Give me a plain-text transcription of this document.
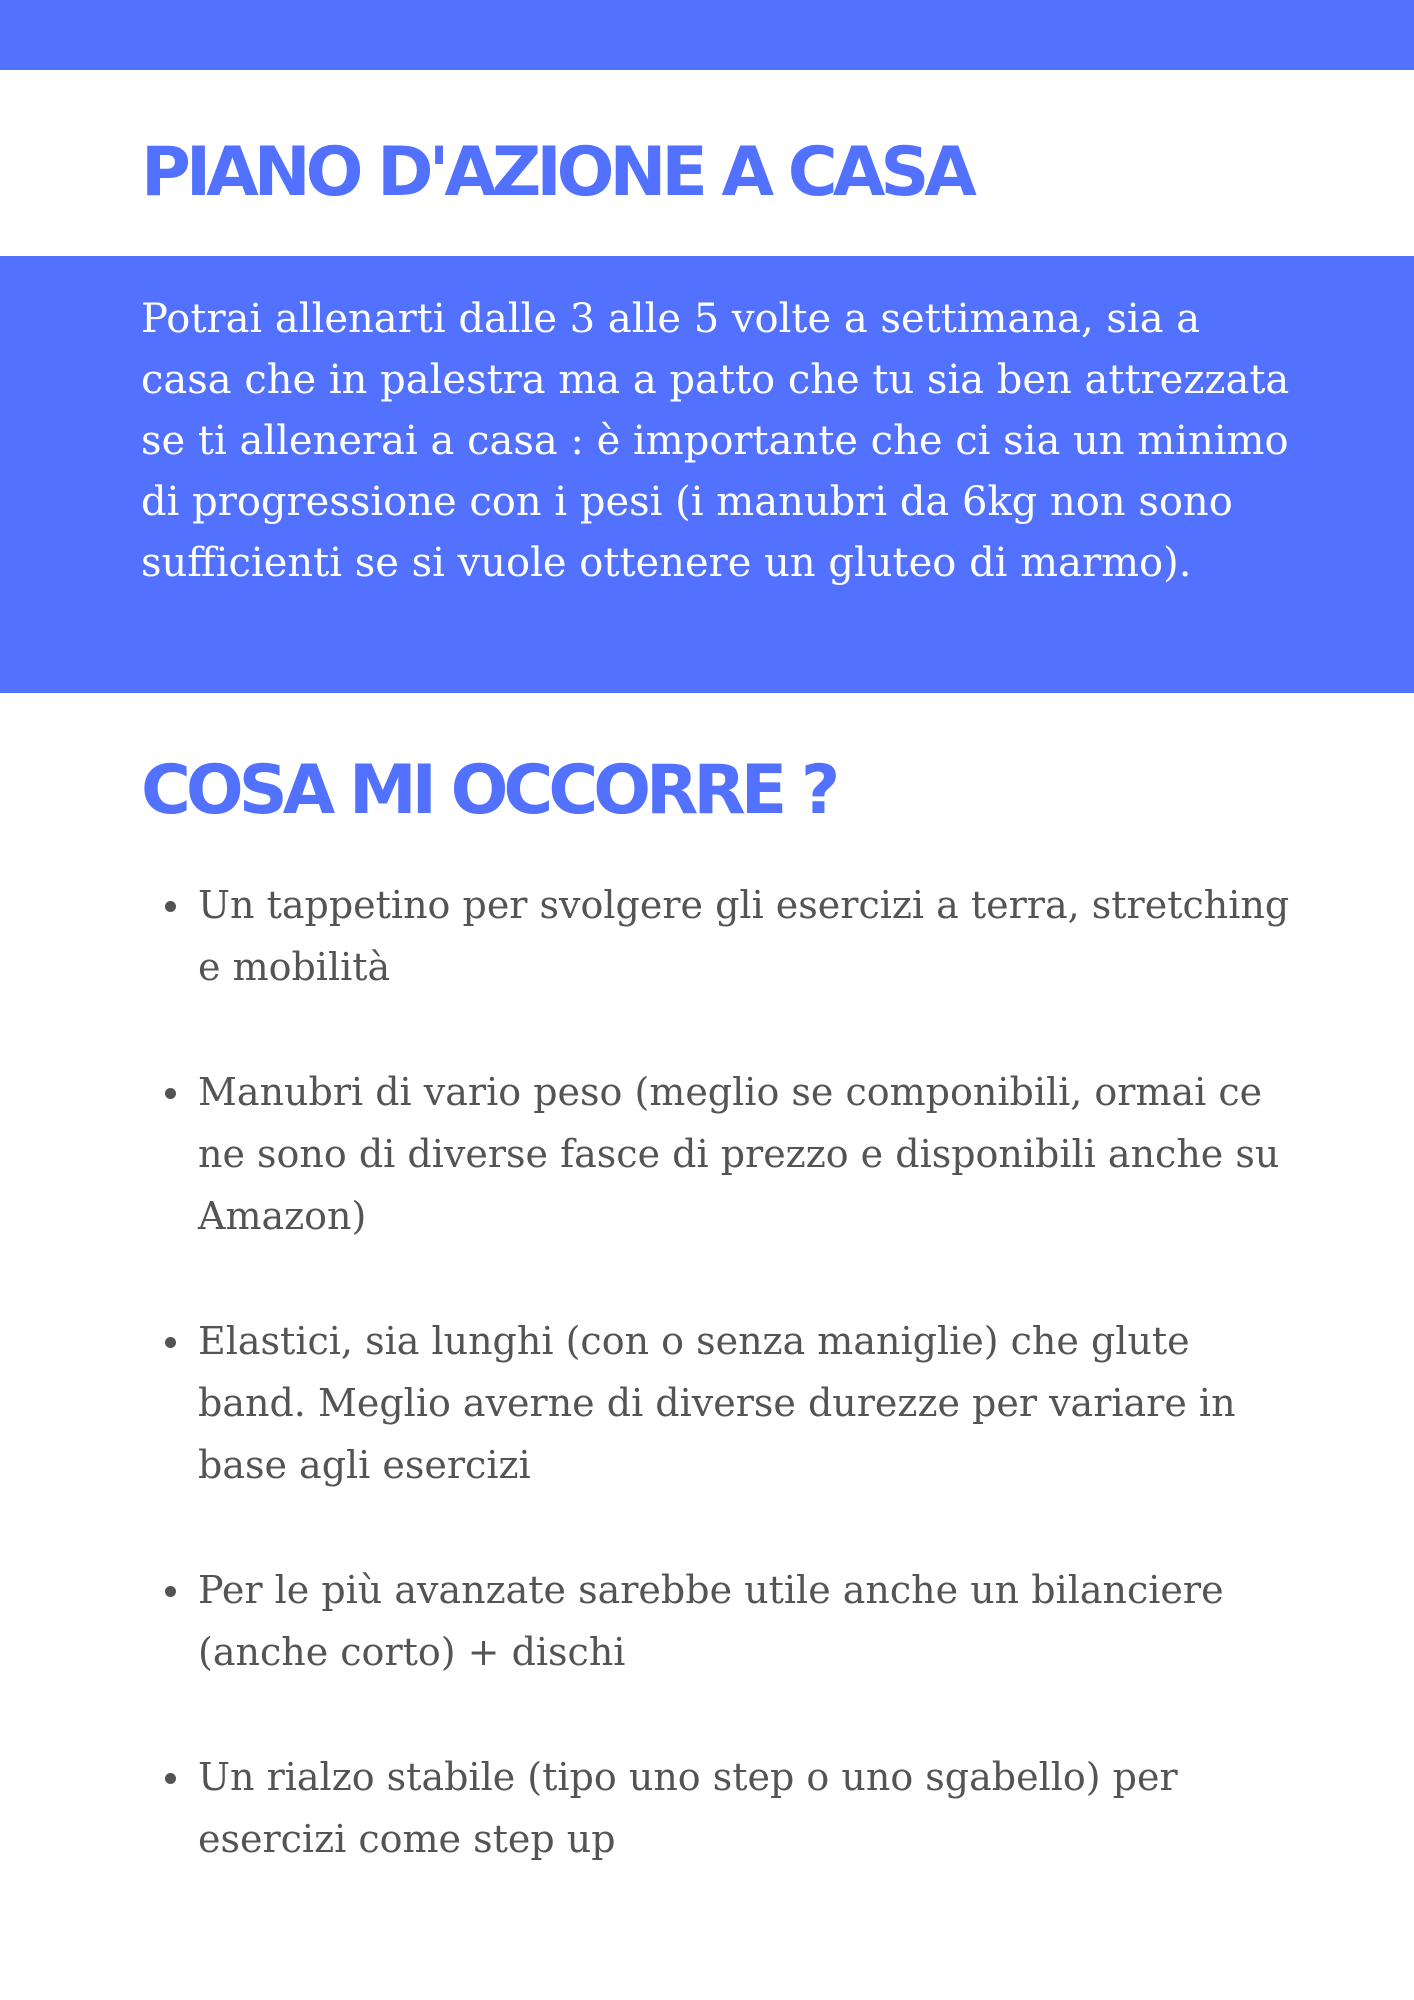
PIANO D'AZIONE A CASA

Potrai allenarti dalle 3 alle 5 volte a settimana, sia a casa che in palestra ma a patto che tu sia ben attrezzata se ti allenerai a casa : è importante che ci sia un minimo di progressione con i pesi (i manubri da 6kg non sono sufficienti se si vuole ottenere un gluteo di marmo).

COSA MI OCCORRE ?
Un tappetino per svolgere gli esercizi a terra, stretching e mobilità
Manubri di vario peso (meglio se componibili, ormai ce ne sono di diverse fasce di prezzo e disponibili anche su Amazon)
Elastici, sia lunghi (con o senza maniglie) che glute band. Meglio averne di diverse durezze per variare in base agli esercizi
Per le più avanzate sarebbe utile anche un bilanciere (anche corto) + dischi
Un rialzo stabile (tipo uno step o uno sgabello) per esercizi come step up
